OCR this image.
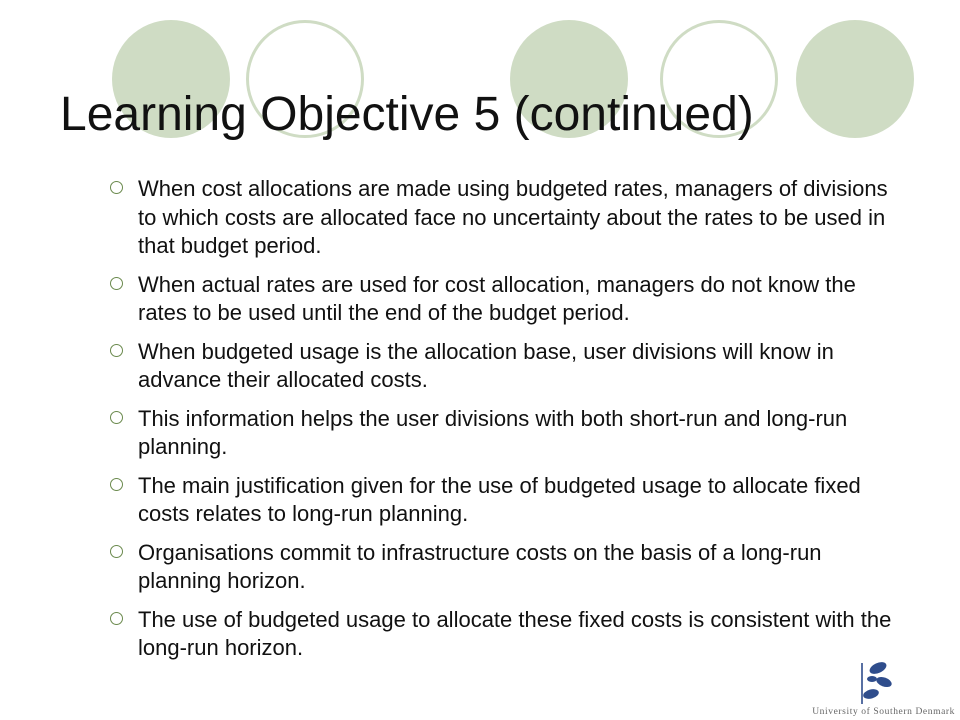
Learning Objective 5 (continued)
When cost allocations are made using budgeted rates, managers of divisions to which costs are allocated face no uncertainty about the rates to be used in that budget period.
When actual rates are used for cost allocation, managers do not know the rates to be used until the end of the budget period.
When budgeted usage is the allocation base, user divisions will know in advance their allocated costs.
This information helps the user divisions with both short-run and long-run planning.
The main justification given for the use of budgeted usage to allocate fixed costs relates to long-run planning.
Organisations commit to infrastructure costs on the basis of a long-run planning horizon.
The use of budgeted usage to allocate these fixed costs is consistent with the long-run horizon.
University of Southern Denmark
